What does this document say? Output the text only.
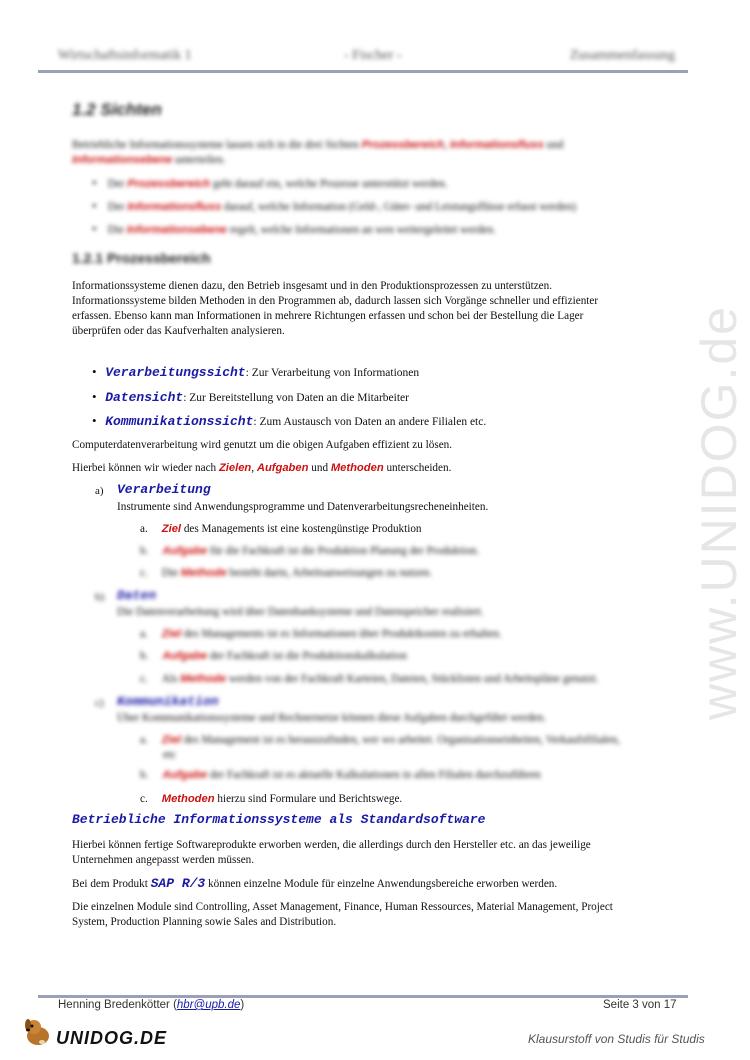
www.UNIDOG.de
Wirtschaftsinformatik 1	- Fischer -	Zusammenfassung
1.2 Sichten
Betriebliche Informationssysteme lassen sich in die drei Sichten Prozessbereich, Informationsfluss und
Informationsebene unterteilen.
• Der Prozessbereich geht darauf ein, welche Prozesse unterstützt werden.
• Der Informationsfluss darauf, welche Information (Geld-, Güter- und Leistungsflüsse erfasst werden)
• Die Informationsebene regelt, welche Informationen an wen weitergeleitet werden.
1.2.1 Prozessbereich
Informationssysteme dienen dazu, den Betrieb insgesamt und in den Produktionsprozessen zu unterstützen.
Informationssysteme bilden Methoden in den Programmen ab, dadurch lassen sich Vorgänge schneller und effizienter
erfassen. Ebenso kann man Informationen in mehrere Richtungen erfassen und schon bei der Bestellung die Lager
überprüfen oder das Kaufverhalten analysieren.
• Verarbeitungssicht: Zur Verarbeitung von Informationen
• Datensicht: Zur Bereitstellung von Daten an die Mitarbeiter
• Kommunikationssicht: Zum Austausch von Daten an andere Filialen etc.
Computerdatenverarbeitung wird genutzt um die obigen Aufgaben effizient zu lösen.
Hierbei können wir wieder nach Zielen, Aufgaben und Methoden unterscheiden.
a) Verarbeitung
Instrumente sind Anwendungsprogramme und Datenverarbeitungsrecheneinheiten.
a. Ziel des Managements ist eine kostengünstige Produktion
b. Aufgabe für die Fachkraft ist die Produktion Planung der Produktion.
c. Die Methode besteht darin, Arbeitsanweisungen zu nutzen.
b) Daten
Die Datenverarbeitung wird über Datenbanksysteme und Datenspeicher realisiert.
a. Ziel des Managements ist es Informationen über Produktkosten zu erhalten.
b. Aufgabe der Fachkraft ist die Produktionskalkulation
c. Als Methode werden von der Fachkraft Karteien, Dateien, Stücklisten und Arbeitspläne genutzt.
c) Kommunikation
Über Kommunikationssysteme und Rechnernetze können diese Aufgaben durchgeführt werden.
a. Ziel des Management ist es herauszufinden, wer wo arbeitet. Organisationseinheiten, Verkaufsfilialen,
etc
b. Aufgabe der Fachkraft ist es aktuelle Kalkulationen in allen Filialen durchzuführen
c. Methoden hierzu sind Formulare und Berichtswege.
Betriebliche Informationssysteme als Standardsoftware
Hierbei können fertige Softwareprodukte erworben werden, die allerdings durch den Hersteller etc. an das jeweilige
Unternehmen angepasst werden müssen.
Bei dem Produkt SAP R/3 können einzelne Module für einzelne Anwendungsbereiche erworben werden.
Die einzelnen Module sind Controlling, Asset Management, Finance, Human Ressources, Material Management, Project
System, Production Planning sowie Sales and Distribution.
Henning Bredenkötter (hbr@upb.de)	Seite 3 von 17
UNIDOG.DE	Klausurstoff von Studis für Studis
